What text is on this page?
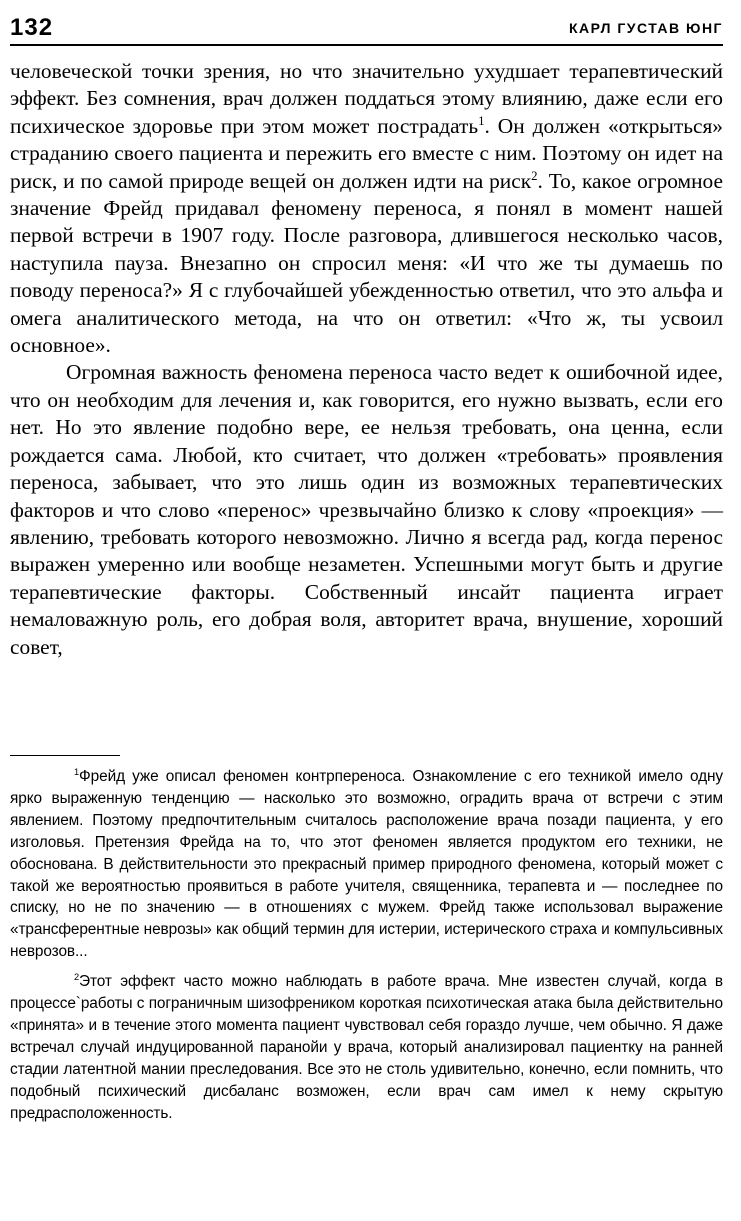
132	КАРЛ ГУСТАВ ЮНГ

человеческой точки зрения, но что значительно ухудшает терапевтический эффект. Без сомнения, врач должен поддаться этому влиянию, даже если его психическое здоровье при этом может пострадать$^1$. Он должен «открыться» страданию своего пациента и пережить его вместе с ним. Поэтому он идет на риск, и по самой природе вещей он должен идти на риск$^2$. То, какое огромное значение Фрейд придавал феномену переноса, я понял в момент нашей первой встречи в 1907 году. После разговора, длившегося несколько часов, наступила пауза. Внезапно он спросил меня: «И что же ты думаешь по поводу переноса?» Я с глубочайшей убежденностью ответил, что это альфа и омега аналитического метода, на что он ответил: «Что ж, ты усвоил основное».

Огромная важность феномена переноса часто ведет к ошибочной идее, что он необходим для лечения и, как говорится, его нужно вызвать, если его нет. Но это явление подобно вере, ее нельзя требовать, она ценна, если рождается сама. Любой, кто считает, что должен «требовать» проявления переноса, забывает, что это лишь один из возможных терапевтических факторов и что слово «перенос» чрезвычайно близко к слову «проекция» — явлению, требовать которого невозможно. Лично я всегда рад, когда перенос выражен умеренно или вообще незаметен. Успешными могут быть и другие терапевтические факторы. Собственный инсайт пациента играет немаловажную роль, его добрая воля, авторитет врача, внушение, хороший совет,

$^1$Фрейд уже описал феномен контрпереноса. Ознакомление с его техникой имело одну ярко выраженную тенденцию — насколько это возможно, оградить врача от встречи с этим явлением. Поэтому предпочтительным считалось расположение врача позади пациента, у его изголовья. Претензия Фрейда на то, что этот феномен является продуктом его техники, не обоснована. В действительности это прекрасный пример природного феномена, который может с такой же вероятностью проявиться в работе учителя, священника, терапевта и — последнее по списку, но не по значению — в отношениях с мужем. Фрейд также использовал выражение «трансферентные неврозы» как общий термин для истерии, истерического страха и компульсивных неврозов...

$^2$Этот эффект часто можно наблюдать в работе врача. Мне известен случай, когда в процессе`работы с пограничным шизофреником короткая психотическая атака была действительно «принята» и в течение этого момента пациент чувствовал себя гораздо лучше, чем обычно. Я даже встречал случай индуцированной паранойи у врача, который анализировал пациентку на ранней стадии латентной мании преследования. Все это не столь удивительно, конечно, если помнить, что подобный психический дисбаланс возможен, если врач сам имел к нему скрытую предрасположенность.
